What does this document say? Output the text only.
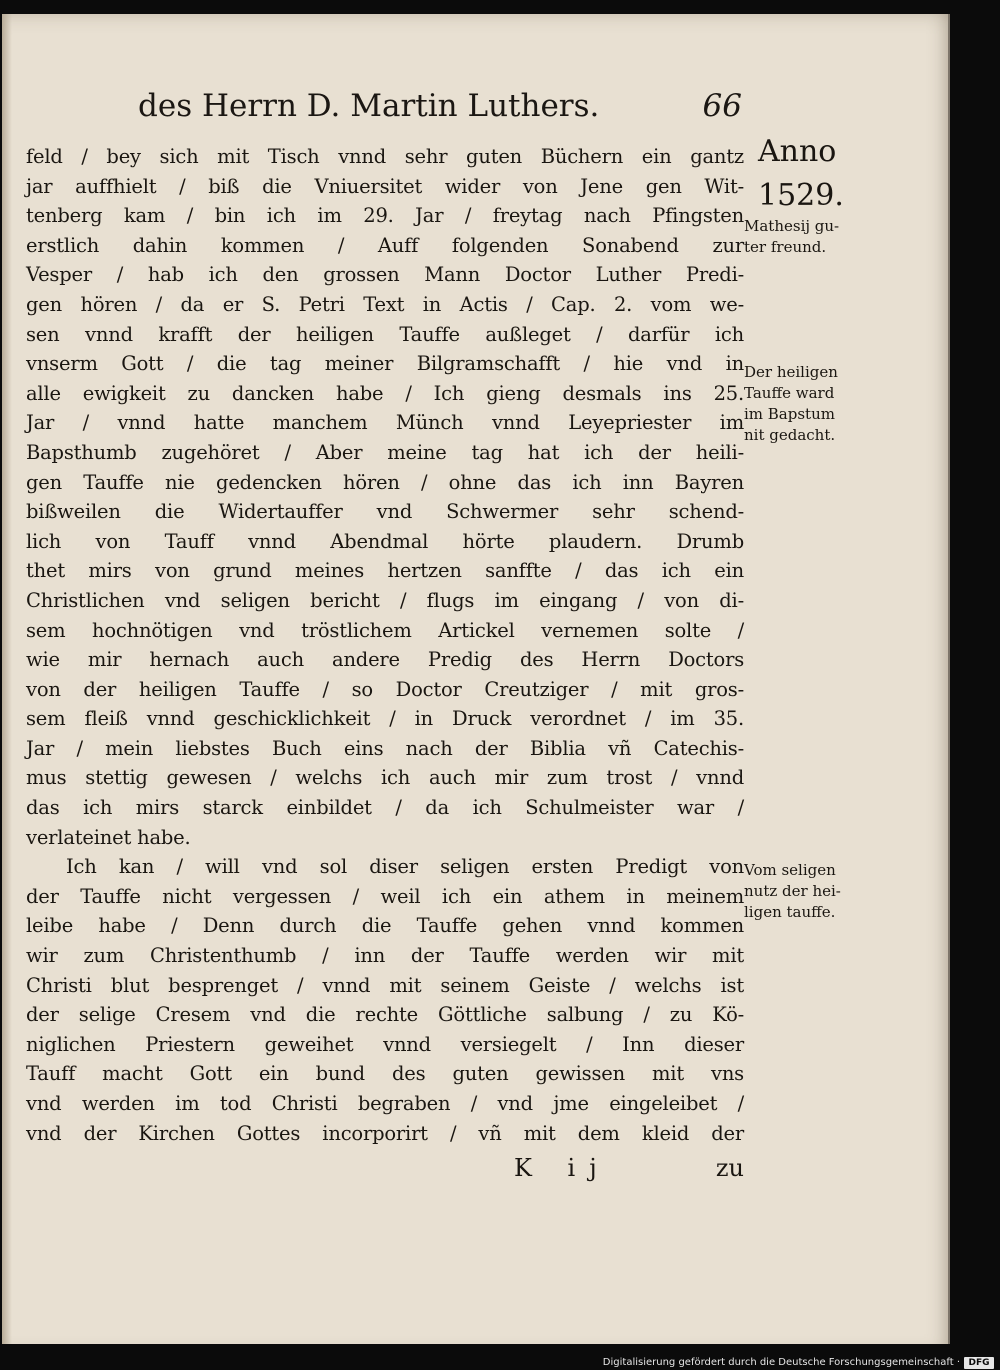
des Herrn D. Martin Luthers.	66
feld / bey sich mit Tisch vnnd sehr guten Büchern ein gantz
jar auffhielt / biß die Vniuersitet wider von Jene gen Wit-
tenberg kam / bin ich im 29. Jar / freytag nach Pfingsten
erstlich dahin kommen / Auff folgenden Sonabend zur
Vesper / hab ich den grossen Mann Doctor Luther Predi-
gen hören / da er S. Petri Text in Actis / Cap. 2. vom we-
sen vnnd krafft der heiligen Tauffe außleget / darfür ich
vnserm Gott / die tag meiner Bilgramschafft / hie vnd in
alle ewigkeit zu dancken habe / Ich gieng desmals ins 25.
Jar / vnnd hatte manchem Münch vnnd Leyepriester im
Bapsthumb zugehöret / Aber meine tag hat ich der heili-
gen Tauffe nie gedencken hören / ohne das ich inn Bayren
bißweilen die Widertauffer vnd Schwermer sehr schend-
lich von Tauff vnnd Abendmal hörte plaudern. Drumb
thet mirs von grund meines hertzen sanffte / das ich ein
Christlichen vnd seligen bericht / flugs im eingang / von di-
sem hochnötigen vnd tröstlichem Artickel vernemen solte /
wie mir hernach auch andere Predig des Herrn Doctors
von der heiligen Tauffe / so Doctor Creutziger / mit gros-
sem fleiß vnnd geschicklichkeit / in Druck verordnet / im 35.
Jar / mein liebstes Buch eins nach der Biblia vñ Catechis-
mus stettig gewesen / welchs ich auch mir zum trost / vnnd
das ich mirs starck einbildet / da ich Schulmeister war /
verlateinet habe.
Ich kan / will vnd sol diser seligen ersten Predigt von
der Tauffe nicht vergessen / weil ich ein athem in meinem
leibe habe / Denn durch die Tauffe gehen vnnd kommen
wir zum Christenthumb / inn der Tauffe werden wir mit
Christi blut besprenget / vnnd mit seinem Geiste / welchs ist
der selige Cresem vnd die rechte Göttliche salbung / zu Kö-
niglichen Priestern geweihet vnnd versiegelt / Inn dieser
Tauff macht Gott ein bund des guten gewissen mit vns
vnd werden im tod Christi begraben / vnd jme eingeleibet /
vnd der Kirchen Gottes incorporirt / vñ mit dem kleid der
Anno
1529.
Mathesij gu-
ter freund.
Der heiligen
Tauffe ward
im Bapstum
nit gedacht.
Vom seligen
nutz der hei-
ligen tauffe.
K ij	zu
Digitalisierung gefördert durch die Deutsche Forschungsgemeinschaft · DFG
